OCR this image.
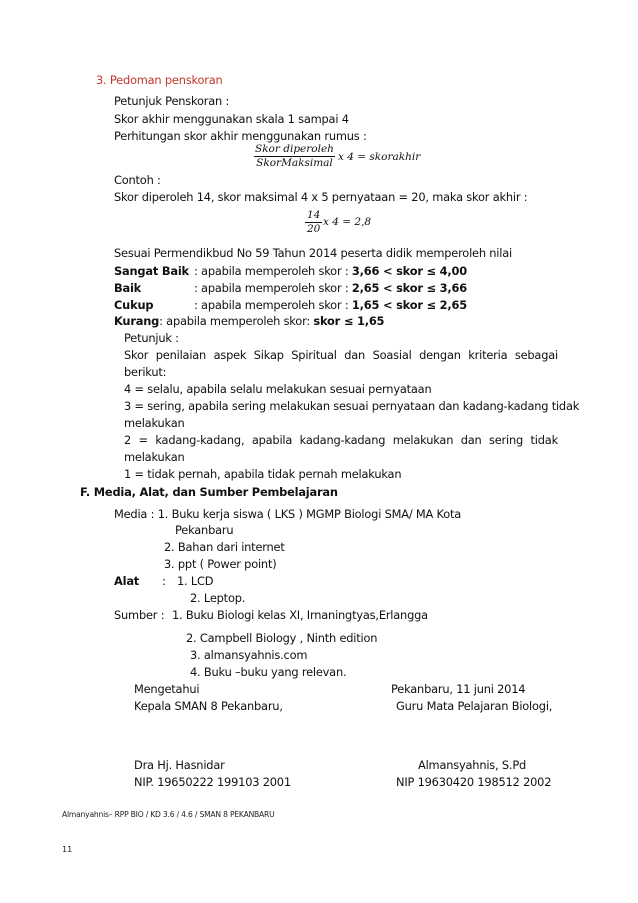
3. Pedoman penskoran
Petunjuk Penskoran :
Skor akhir menggunakan skala 1 sampai 4
Perhitungan skor akhir menggunakan rumus :
Skor diperoleh
SkorMaksimal x 4 = skorakhir
Contoh :
Skor diperoleh 14, skor maksimal 4 x 5 pernyataan = 20, maka skor akhir :
$\frac{14}{20}$ x 4 = 2,8
Sesuai Permendikbud No 59 Tahun 2014 peserta didik memperoleh nilai
Sangat Baik : apabila memperoleh skor : 3,66 < skor ≤ 4,00
Baik	: apabila memperoleh skor : 2,65 < skor ≤ 3,66
Cukup	: apabila memperoleh skor : 1,65 < skor ≤ 2,65
Kurang: apabila memperoleh skor: skor ≤ 1,65
Petunjuk :
Skor penilaian aspek Sikap Spiritual dan Soasial dengan kriteria sebagai
berikut:
4 = selalu, apabila selalu melakukan sesuai pernyataan
3 = sering, apabila sering melakukan sesuai pernyataan dan kadang-kadang tidak
melakukan
2 = kadang-kadang, apabila kadang-kadang melakukan dan sering tidak
melakukan
1 = tidak pernah, apabila tidak pernah melakukan
F. Media, Alat, dan Sumber Pembelajaran
Media : 1. Buku kerja siswa ( LKS ) MGMP Biologi SMA/ MA Kota
Pekanbaru
2. Bahan dari internet
3. ppt ( Power point)
Alat : 1. LCD
2. Leptop.
Sumber : 1. Buku Biologi kelas XI, Irnaningtyas,Erlangga
2. Campbell Biology , Ninth edition
3. almansyahnis.com
4. Buku –buku yang relevan.
Mengetahui
Kepala SMAN 8 Pekanbaru,
Pekanbaru, 11 juni 2014
Guru Mata Pelajaran Biologi,
Dra Hj. Hasnidar
NIP. 19650222 199103 2001
Almansyahnis, S.Pd
NIP 19630420 198512 2002
Almanyahnis– RPP BIO / KD 3.6 / 4.6 / SMAN 8 PEKANBARU
11
